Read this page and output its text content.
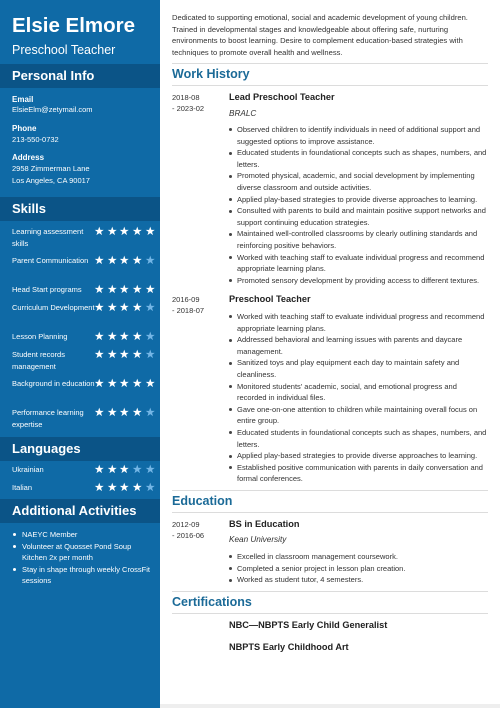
Elsie Elmore
Preschool Teacher
Personal Info
Email
ElsieElm@zetymail.com
Phone
213-550-0732
Address
2958 Zimmerman Lane
Los Angeles, CA 90017
Skills
Learning assessment skills
Parent Communication
Head Start programs
Curriculum Development
Lesson Planning
Student records management
Background in education
Performance learning expertise
Languages
Ukrainian
Italian
Additional Activities
NAEYC Member
Volunteer at Quosset Pond Soup Kitchen 2x per month
Stay in shape through weekly CrossFit sessions
Dedicated to supporting emotional, social and academic development of young children. Trained in developmental stages and knowledgeable about offering safe, nurturing environments to boost learning. Desire to complement education-based strategies with techniques to promote overall health and wellness.
Work History
2018-08
- 2023-02
Lead Preschool Teacher
BRALC
Observed children to identify individuals in need of additional support and suggested options to improve assistance.
Educated students in foundational concepts such as shapes, numbers, and letters.
Promoted physical, academic, and social development by implementing diverse classroom and outside activities.
Applied play-based strategies to provide diverse approaches to learning.
Consulted with parents to build and maintain positive support networks and support continuing education strategies.
Maintained well-controlled classrooms by clearly outlining standards and reinforcing positive behaviors.
Worked with teaching staff to evaluate individual progress and recommend appropriate learning plans.
Promoted sensory development by providing access to different textures.
2016-09
- 2018-07
Preschool Teacher
Worked with teaching staff to evaluate individual progress and recommend appropriate learning plans.
Addressed behavioral and learning issues with parents and daycare management.
Sanitized toys and play equipment each day to maintain safety and cleanliness.
Monitored students' academic, social, and emotional progress and recorded in individual files.
Gave one-on-one attention to children while maintaining overall focus on entire group.
Educated students in foundational concepts such as shapes, numbers, and letters.
Applied play-based strategies to provide diverse approaches to learning.
Established positive communication with parents in daily conversation and formal conferences.
Education
2012-09
- 2016-06
BS in Education
Kean University
Excelled in classroom management coursework.
Completed a senior project in lesson plan creation.
Worked as student tutor, 4 semesters.
Certifications
NBC—NBPTS Early Child Generalist
NBPTS Early Childhood Art
